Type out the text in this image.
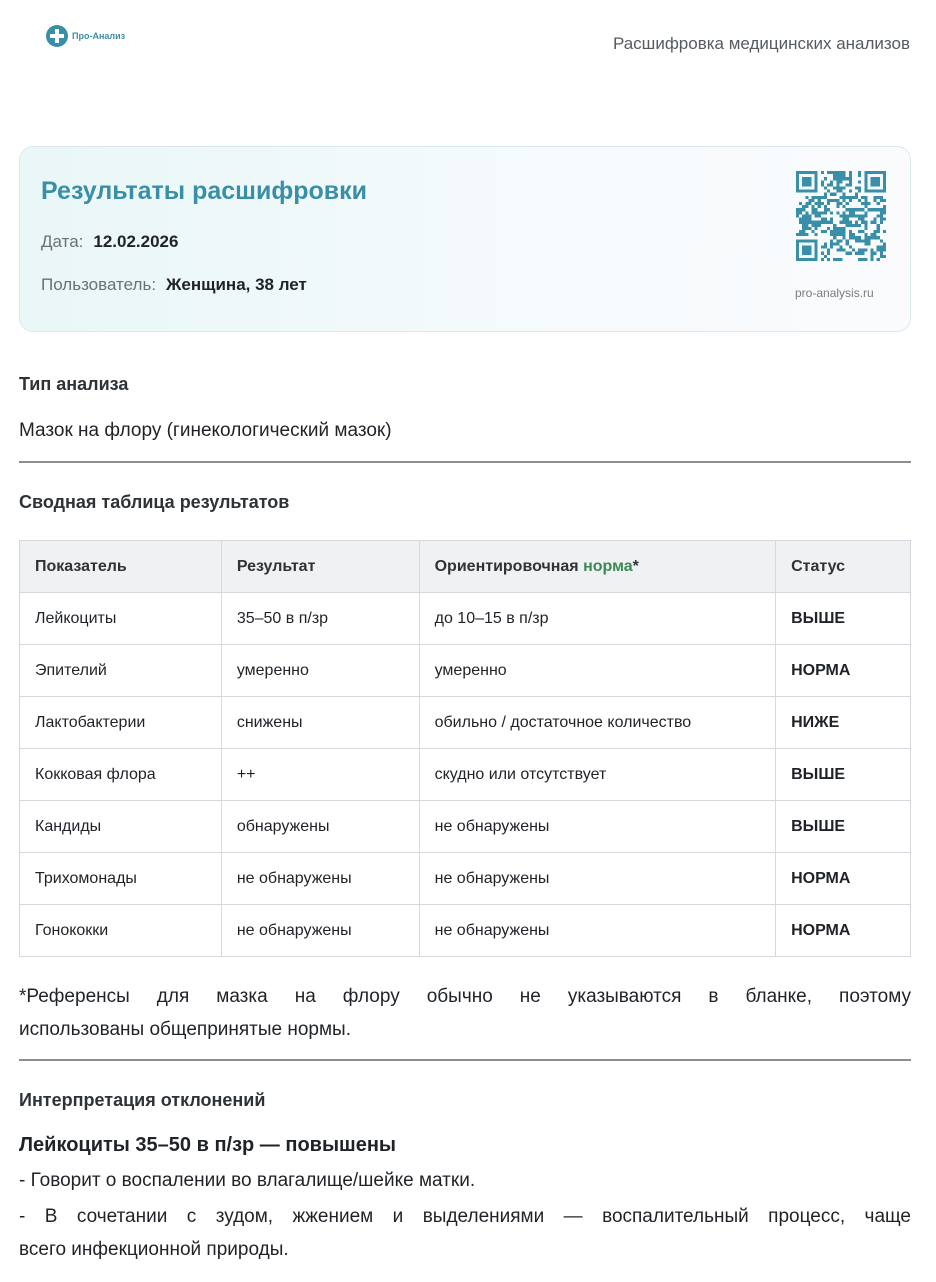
Про-Анализ	Расшифровка медицинских анализов
Результаты расшифровки
Дата: 12.02.2026
Пользователь: Женщина, 38 лет	pro-analysis.ru
Тип анализа
Мазок на флору (гинекологический мазок)
Сводная таблица результатов
Показатель	Результат	Ориентировочная норма*	Статус
Лейкоциты	35–50 в п/зр	до 10–15 в п/зр	ВЫШЕ
Эпителий	умеренно	умеренно	НОРМА
Лактобактерии	снижены	обильно / достаточное количество	НИЖЕ
Кокковая флора	++	скудно или отсутствует	ВЫШЕ
Кандиды	обнаружены	не обнаружены	ВЫШЕ
Трихомонады	не обнаружены	не обнаружены	НОРМА
Гонококки	не обнаружены	не обнаружены	НОРМА
*Референсы для мазка на флору обычно не указываются в бланке, поэтому
использованы общепринятые нормы.
Интерпретация отклонений
Лейкоциты 35–50 в п/зр — повышены
- Говорит о воспалении во влагалище/шейке матки.
- В сочетании с зудом, жжением и выделениями — воспалительный процесс, чаще
всего инфекционной природы.
